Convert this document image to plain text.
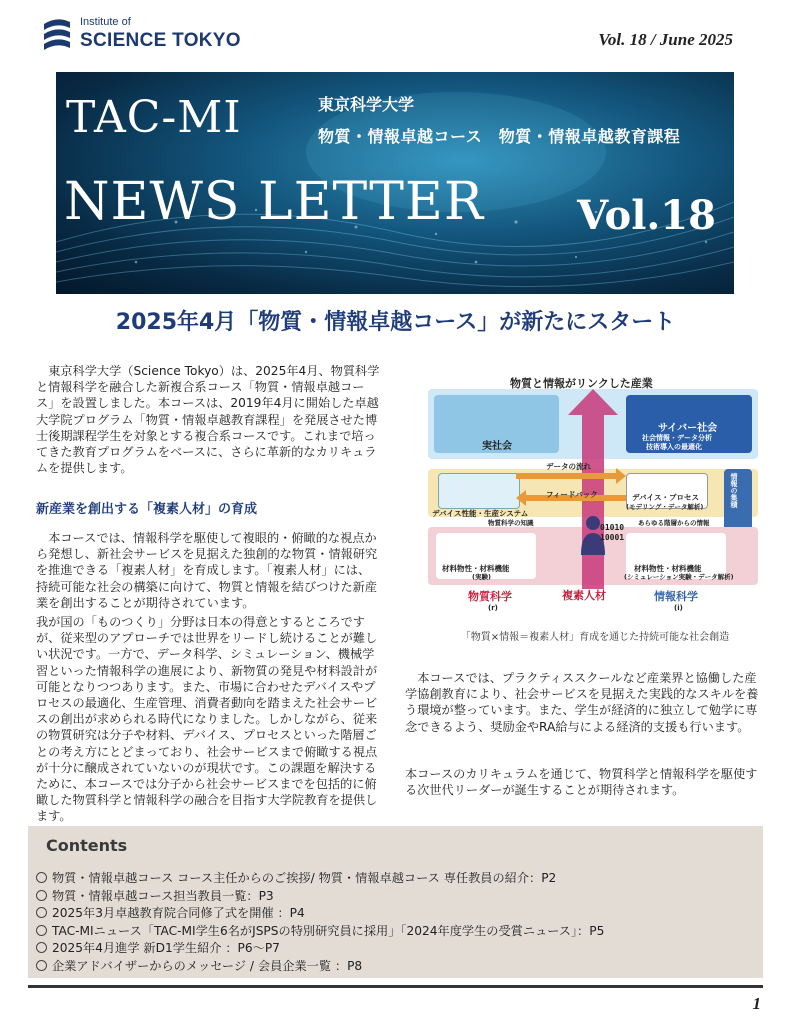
Institute of
SCIENCE TOKYO	Vol. 18 / June 2025
TAC-MI
NEWS LETTER Vol.18
東京科学大学
物質・情報卓越コース　物質・情報卓越教育課程
2025年4月「物質・情報卓越コース」が新たにスタート
東京科学大学（Science Tokyo）は、2025年4月、物質科学と情報科学を融合した新複合系コース「物質・情報卓越コース」を設置しました。本コースは、2019年4月に開始した卓越大学院プログラム「物質・情報卓越教育課程」を発展させた博士後期課程学生を対象とする複合系コースです。これまで培ってきた教育プログラムをベースに、さらに革新的なカリキュラムを提供します。
新産業を創出する「複素人材」の育成
本コースでは、情報科学を駆使して複眼的・俯瞰的な視点から発想し、新社会サービスを見据えた独創的な物質・情報研究を推進できる「複素人材」を育成します。「複素人材」には、持続可能な社会の構築に向けて、物質と情報を結びつけた新産業を創出することが期待されています。
我が国の「ものつくり」分野は日本の得意とするところですが、従来型のアプローチでは世界をリードし続けることが難しい状況です。一方で、データ科学、シミュレーション、機械学習といった情報科学の進展により、新物質の発見や材料設計が可能となりつつあります。また、市場に合わせたデバイスやプロセスの最適化、生産管理、消費者動向を踏まえた社会サービスの創出が求められる時代になりました。しかしながら、従来の物質研究は分子や材料、デバイス、プロセスといった階層ごとの考え方にとどまっており、社会サービスまで俯瞰する視点が十分に醸成されていないのが現状です。この課題を解決するために、本コースでは分子から社会サービスまでを包括的に俯瞰した物質科学と情報科学の融合を目指す大学院教育を提供します。
物質と情報がリンクした産業
実社会
サイバー社会
社会情報・データ分析
技術導入の最適化
データの流れ
フィードバック
デバイス性能・生産システム
デバイス・プロセス
(モデリング・データ解析)	情報の集積
あらゆる階層からの情報
物質科学の知識	01010
10001
材料物性・材料機能
(実験)
材料物性・材料機能
(シミュレーション実験・データ解析)
物質科学
(r)
複素人材	情報科学
(i)
「物質×情報＝複素人材」育成を通じた持続可能な社会創造
本コースでは、プラクティススクールなど産業界と協働した産学協創教育により、社会サービスを見据えた実践的なスキルを養う環境が整っています。また、学生が経済的に独立して勉学に専念できるよう、奨励金やRA給与による経済的支援も行います。
本コースのカリキュラムを通じて、物質科学と情報科学を駆使する次世代リーダーが誕生することが期待されます。
Contents
物質・情報卓越コース コース主任からのご挨拶/ 物質・情報卓越コース 専任教員の紹介：P2
物質・情報卓越コース担当教員一覧：P3
2025年3月卓越教育院合同修了式を開催 ：P4
TAC-MIニュース「TAC-MI学生6名がJSPSの特別研究員に採用」「2024年度学生の受賞ニュース」：P5
2025年4月進学 新D1学生紹介 ：P6～P7
企業アドバイザーからのメッセージ / 会員企業一覧 ：P8
1
